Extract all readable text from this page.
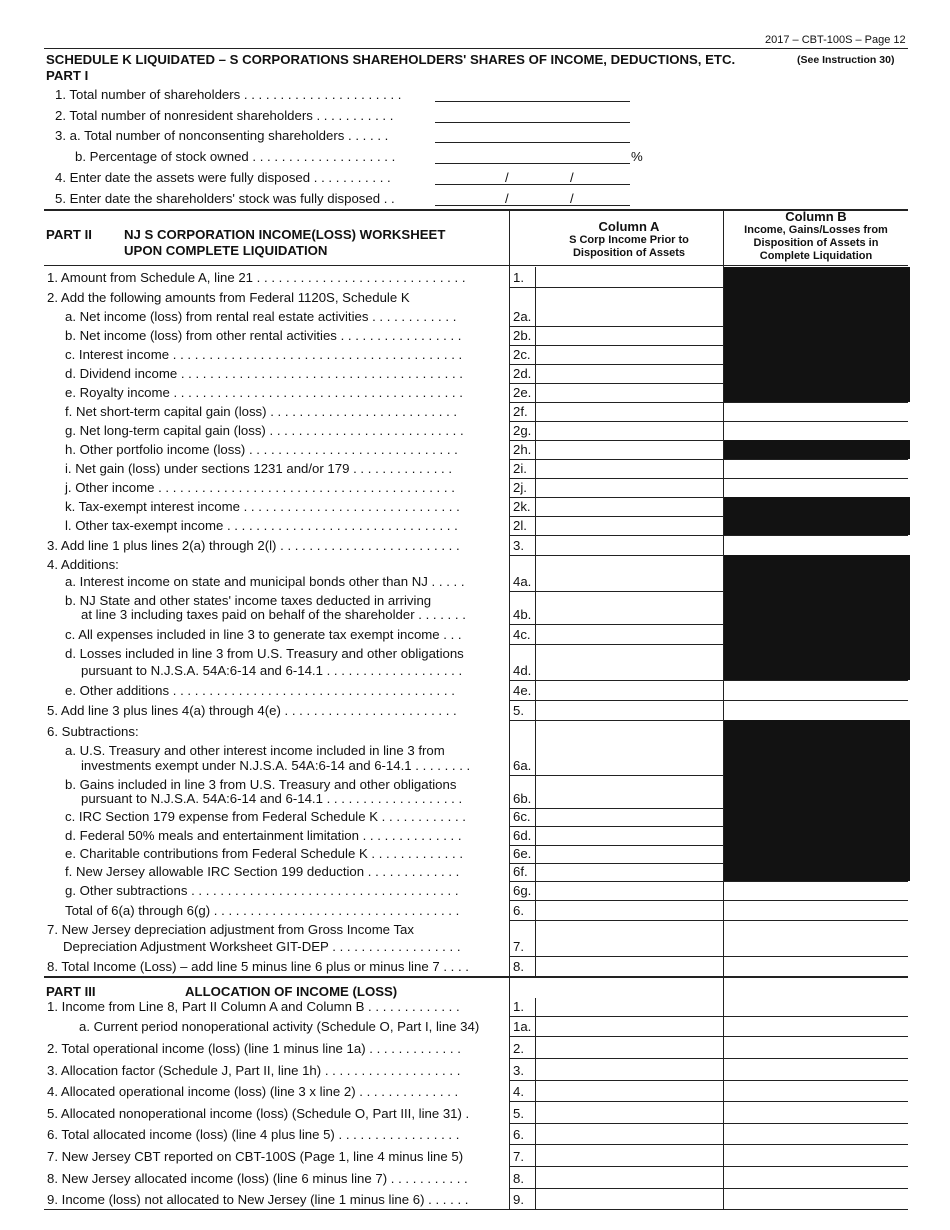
2017 – CBT-100S – Page 12
SCHEDULE K LIQUIDATED – S CORPORATIONS SHAREHOLDERS' SHARES OF INCOME, DEDUCTIONS, ETC.	(See Instruction 30)
PART I
1. Total number of shareholders . . . . . . . . . . . . . . . . . . . . . .
2. Total number of nonresident shareholders . . . . . . . . . . .
3. a. Total number of nonconsenting shareholders . . . . . .
b. Percentage of stock owned . . . . . . . . . . . . . . . . . . . .	%
4. Enter date the assets were fully disposed . . . . . . . . . . .	/	/
5. Enter date the shareholders' stock was fully disposed . .	/	/
PART II NJ S CORPORATION INCOME(LOSS) WORKSHEET
UPON COMPLETE LIQUIDATION
Column A
S Corp Income Prior to
Disposition of Assets
Column B
Income, Gains/Losses from
Disposition of Assets in
Complete Liquidation
1. Amount from Schedule A, line 21 . . . . . . . . . . . . . . . . . . . . . . . . . . . . .	1.
2. Add the following amounts from Federal 1120S, Schedule K
a. Net income (loss) from rental real estate activities . . . . . . . . . . . .	2a.
b. Net income (loss) from other rental activities . . . . . . . . . . . . . . . . .	2b.
c. Interest income . . . . . . . . . . . . . . . . . . . . . . . . . . . . . . . . . . . . . . . .	2c.
d. Dividend income . . . . . . . . . . . . . . . . . . . . . . . . . . . . . . . . . . . . . . .	2d.
e. Royalty income . . . . . . . . . . . . . . . . . . . . . . . . . . . . . . . . . . . . . . . .	2e.
f. Net short-term capital gain (loss) . . . . . . . . . . . . . . . . . . . . . . . . . .	2f.
g. Net long-term capital gain (loss) . . . . . . . . . . . . . . . . . . . . . . . . . . .	2g.
h. Other portfolio income (loss) . . . . . . . . . . . . . . . . . . . . . . . . . . . . .	2h.
i. Net gain (loss) under sections 1231 and/or 179 . . . . . . . . . . . . . .	2i.
j. Other income . . . . . . . . . . . . . . . . . . . . . . . . . . . . . . . . . . . . . . . . .	2j.
k. Tax-exempt interest income . . . . . . . . . . . . . . . . . . . . . . . . . . . . . .	2k.
l. Other tax-exempt income . . . . . . . . . . . . . . . . . . . . . . . . . . . . . . . .	2l.
3. Add line 1 plus lines 2(a) through 2(l) . . . . . . . . . . . . . . . . . . . . . . . . .	3.
4. Additions:
a. Interest income on state and municipal bonds other than NJ . . . . .	4a.
b. NJ State and other states' income taxes deducted in arriving
at line 3 including taxes paid on behalf of the shareholder . . . . . . .	4b.
c. All expenses included in line 3 to generate tax exempt income . . .	4c.
d. Losses included in line 3 from U.S. Treasury and other obligations
pursuant to N.J.S.A. 54A:6-14 and 6-14.1 . . . . . . . . . . . . . . . . . . .	4d.
e. Other additions . . . . . . . . . . . . . . . . . . . . . . . . . . . . . . . . . . . . . . .	4e.
5. Add line 3 plus lines 4(a) through 4(e) . . . . . . . . . . . . . . . . . . . . . . . .	5.
6. Subtractions:
a. U.S. Treasury and other interest income included in line 3 from
investments exempt under N.J.S.A. 54A:6-14 and 6-14.1 . . . . . . . .	6a.
b. Gains included in line 3 from U.S. Treasury and other obligations
pursuant to N.J.S.A. 54A:6-14 and 6-14.1 . . . . . . . . . . . . . . . . . . .	6b.
c. IRC Section 179 expense from Federal Schedule K . . . . . . . . . . . .	6c.
d. Federal 50% meals and entertainment limitation . . . . . . . . . . . . . .	6d.
e. Charitable contributions from Federal Schedule K . . . . . . . . . . . . .	6e.
f. New Jersey allowable IRC Section 199 deduction . . . . . . . . . . . . .	6f.
g. Other subtractions . . . . . . . . . . . . . . . . . . . . . . . . . . . . . . . . . . . . .	6g.
Total of 6(a) through 6(g) . . . . . . . . . . . . . . . . . . . . . . . . . . . . . . . . . .	6.
7. New Jersey depreciation adjustment from Gross Income Tax
Depreciation Adjustment Worksheet GIT-DEP . . . . . . . . . . . . . . . . . .	7.
8. Total Income (Loss) – add line 5 minus line 6 plus or minus line 7 . . . .	8.
PART III	ALLOCATION OF INCOME (LOSS)
1. Income from Line 8, Part II Column A and Column B . . . . . . . . . . . . .	1.
a. Current period nonoperational activity (Schedule O, Part I, line 34)	1a.
2. Total operational income (loss) (line 1 minus line 1a) . . . . . . . . . . . . .	2.
3. Allocation factor (Schedule J, Part II, line 1h) . . . . . . . . . . . . . . . . . . .	3.
4. Allocated operational income (loss) (line 3 x line 2) . . . . . . . . . . . . . .	4.
5. Allocated nonoperational income (loss) (Schedule O, Part III, line 31) .	5.
6. Total allocated income (loss) (line 4 plus line 5) . . . . . . . . . . . . . . . . .	6.
7. New Jersey CBT reported on CBT-100S (Page 1, line 4 minus line 5)	7.
8. New Jersey allocated income (loss) (line 6 minus line 7) . . . . . . . . . . .	8.
9. Income (loss) not allocated to New Jersey (line 1 minus line 6) . . . . . .	9.
